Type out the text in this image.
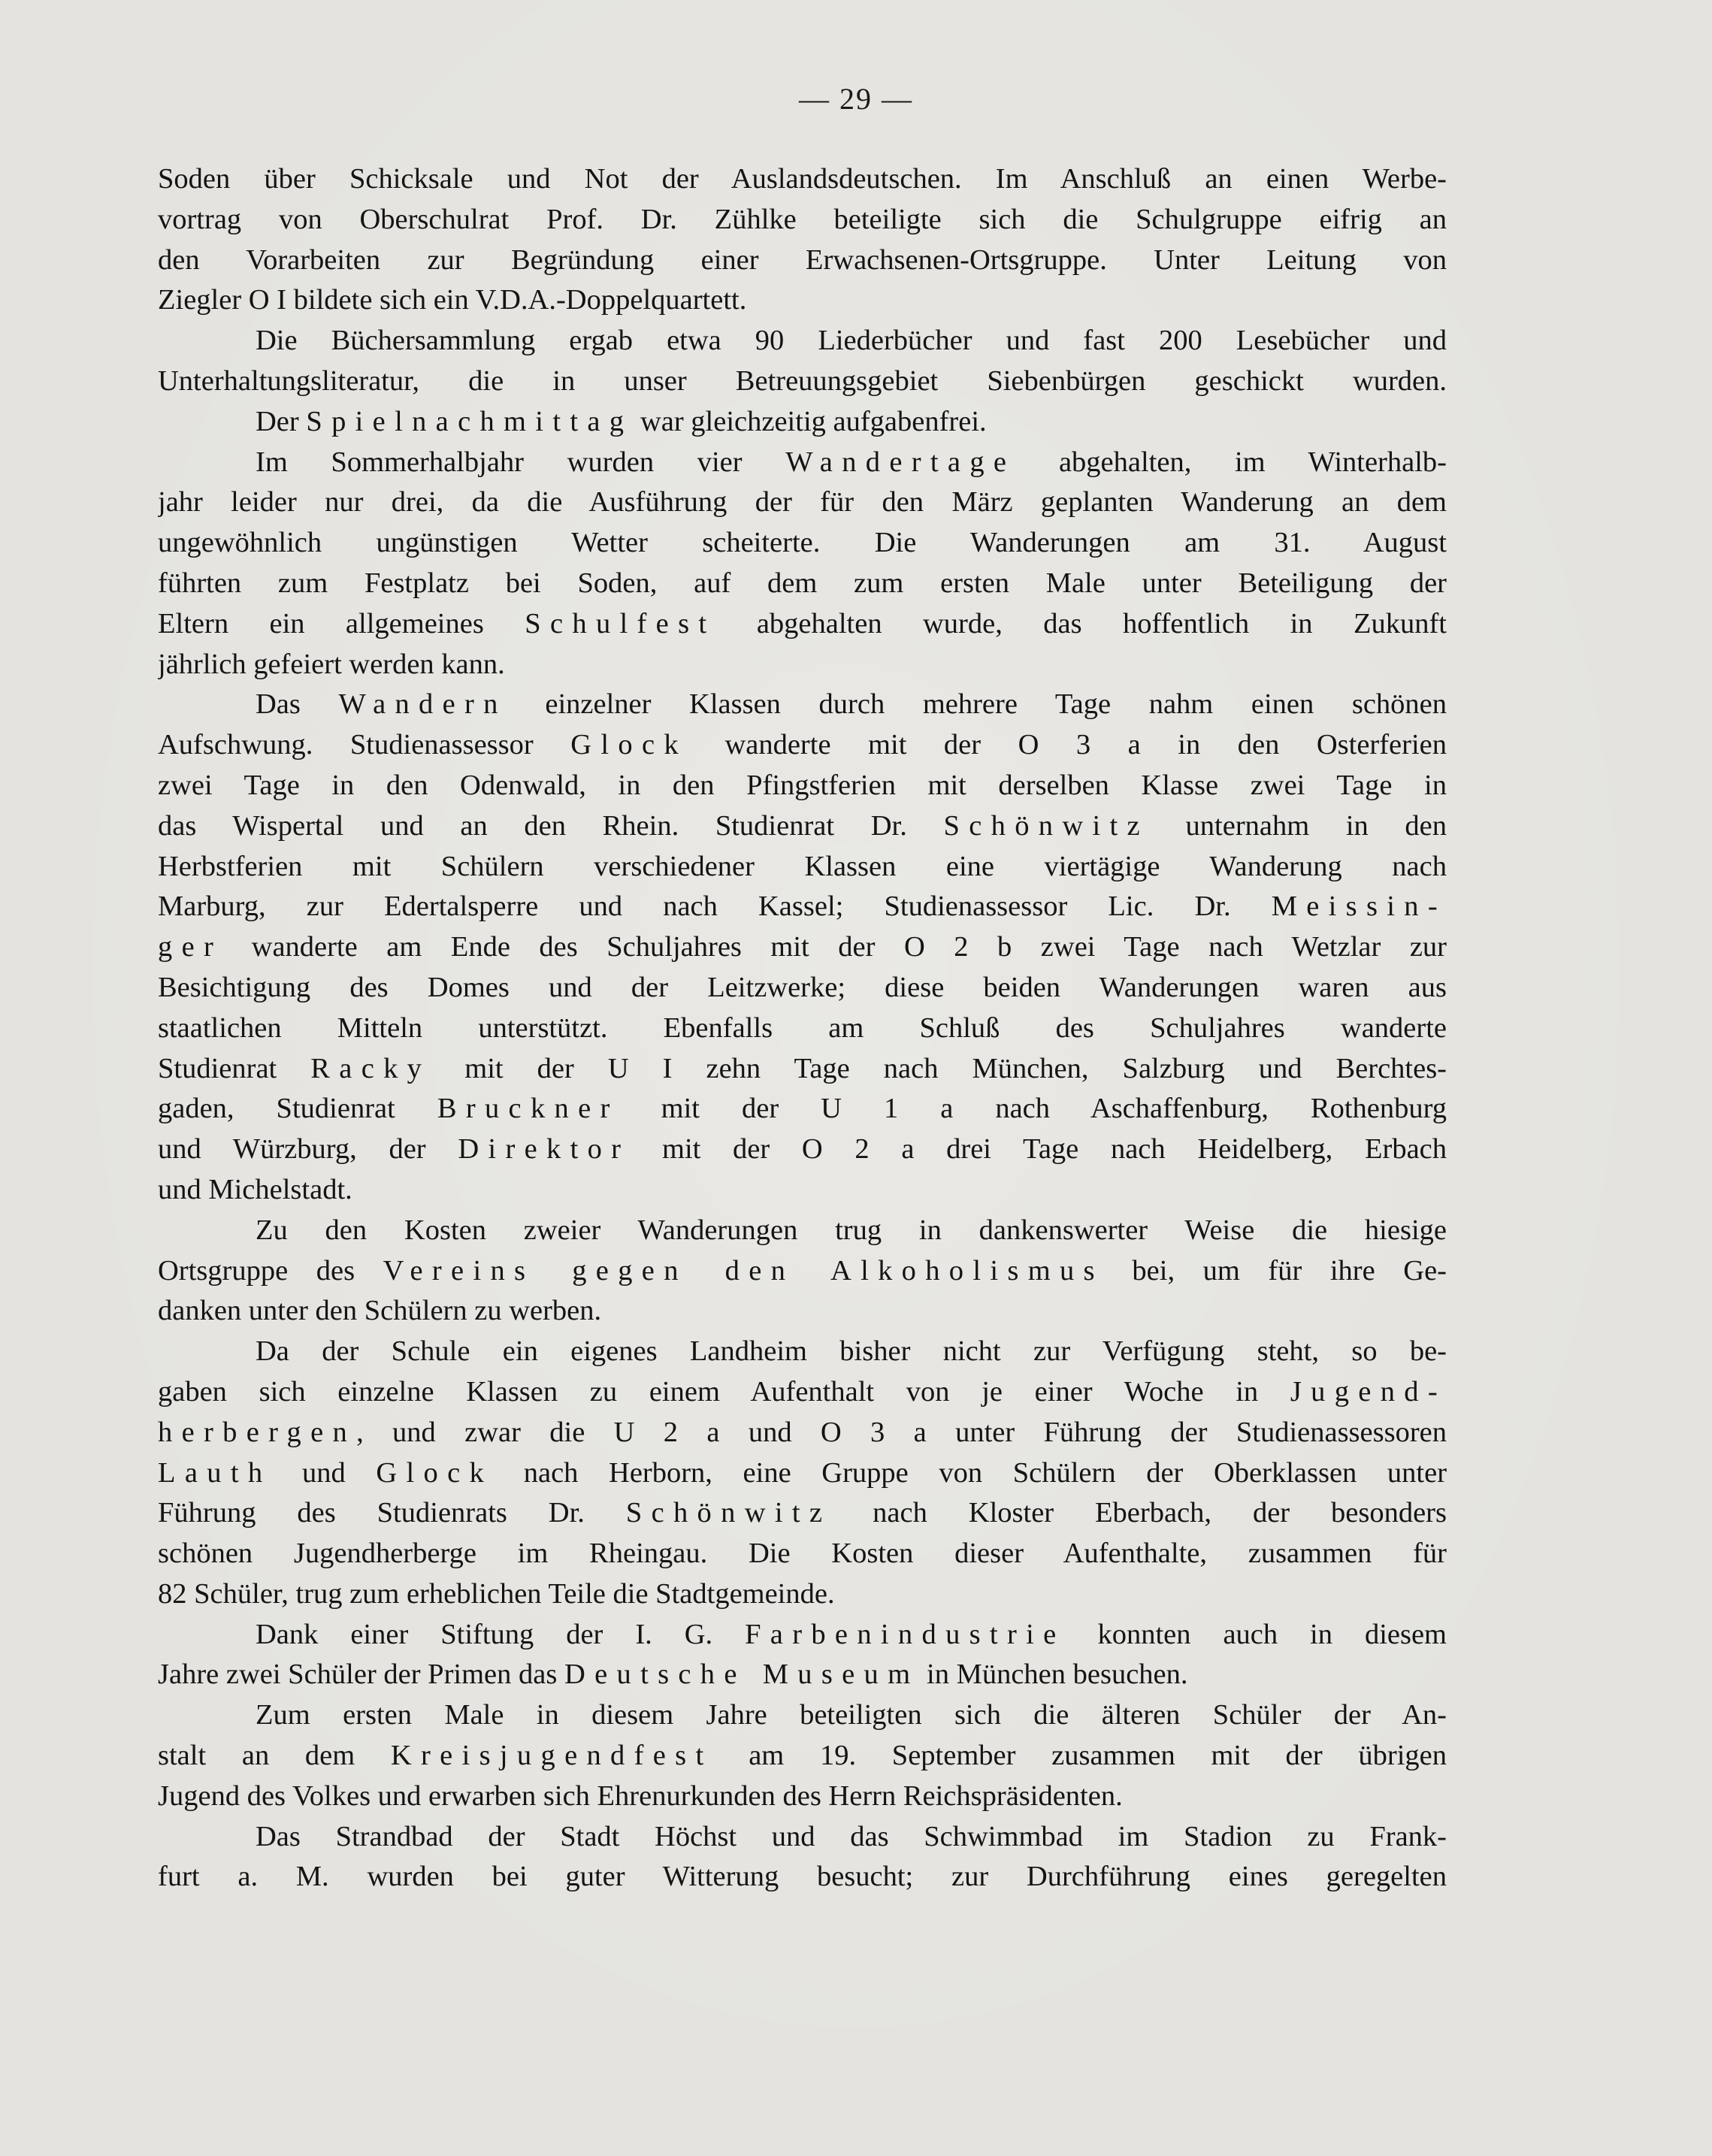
— 29 —
Soden über Schicksale und Not der Auslandsdeutschen. Im Anschluß an einen Werbe-
vortrag von Oberschulrat Prof. Dr. Zühlke beteiligte sich die Schulgruppe eifrig an
den Vorarbeiten zur Begründung einer Erwachsenen-Ortsgruppe. Unter Leitung von
Ziegler O I bildete sich ein V.D.A.-Doppelquartett.
Die Büchersammlung ergab etwa 90 Liederbücher und fast 200 Lesebücher und
Unterhaltungsliteratur, die in unser Betreuungsgebiet Siebenbürgen geschickt wurden.
Der Spielnachmittag war gleichzeitig aufgabenfrei.
Im Sommerhalbjahr wurden vier Wandertage abgehalten, im Winterhalb-
jahr leider nur drei, da die Ausführung der für den März geplanten Wanderung an dem
ungewöhnlich ungünstigen Wetter scheiterte. Die Wanderungen am 31. August
führten zum Festplatz bei Soden, auf dem zum ersten Male unter Beteiligung der
Eltern ein allgemeines Schulfest abgehalten wurde, das hoffentlich in Zukunft
jährlich gefeiert werden kann.
Das Wandern einzelner Klassen durch mehrere Tage nahm einen schönen
Aufschwung. Studienassessor Glock wanderte mit der O 3 a in den Osterferien
zwei Tage in den Odenwald, in den Pfingstferien mit derselben Klasse zwei Tage in
das Wispertal und an den Rhein. Studienrat Dr. Schönwitz unternahm in den
Herbstferien mit Schülern verschiedener Klassen eine viertägige Wanderung nach
Marburg, zur Edertalsperre und nach Kassel; Studienassessor Lic. Dr. Meissin-
ger wanderte am Ende des Schuljahres mit der O 2 b zwei Tage nach Wetzlar zur
Besichtigung des Domes und der Leitzwerke; diese beiden Wanderungen waren aus
staatlichen Mitteln unterstützt. Ebenfalls am Schluß des Schuljahres wanderte
Studienrat Racky mit der U I zehn Tage nach München, Salzburg und Berchtes-
gaden, Studienrat Bruckner mit der U 1 a nach Aschaffenburg, Rothenburg
und Würzburg, der Direktor mit der O 2 a drei Tage nach Heidelberg, Erbach
und Michelstadt.
Zu den Kosten zweier Wanderungen trug in dankenswerter Weise die hiesige
Ortsgruppe des Vereins gegen den Alkoholismus bei, um für ihre Ge-
danken unter den Schülern zu werben.
Da der Schule ein eigenes Landheim bisher nicht zur Verfügung steht, so be-
gaben sich einzelne Klassen zu einem Aufenthalt von je einer Woche in Jugend-
herbergen, und zwar die U 2 a und O 3 a unter Führung der Studienassessoren
Lauth und Glock nach Herborn, eine Gruppe von Schülern der Oberklassen unter
Führung des Studienrats Dr. Schönwitz nach Kloster Eberbach, der besonders
schönen Jugendherberge im Rheingau. Die Kosten dieser Aufenthalte, zusammen für
82 Schüler, trug zum erheblichen Teile die Stadtgemeinde.
Dank einer Stiftung der I. G. Farbenindustrie konnten auch in diesem
Jahre zwei Schüler der Primen das Deutsche Museum in München besuchen.
Zum ersten Male in diesem Jahre beteiligten sich die älteren Schüler der An-
stalt an dem Kreisjugendfest am 19. September zusammen mit der übrigen
Jugend des Volkes und erwarben sich Ehrenurkunden des Herrn Reichspräsidenten.
Das Strandbad der Stadt Höchst und das Schwimmbad im Stadion zu Frank-
furt a. M. wurden bei guter Witterung besucht; zur Durchführung eines geregelten
